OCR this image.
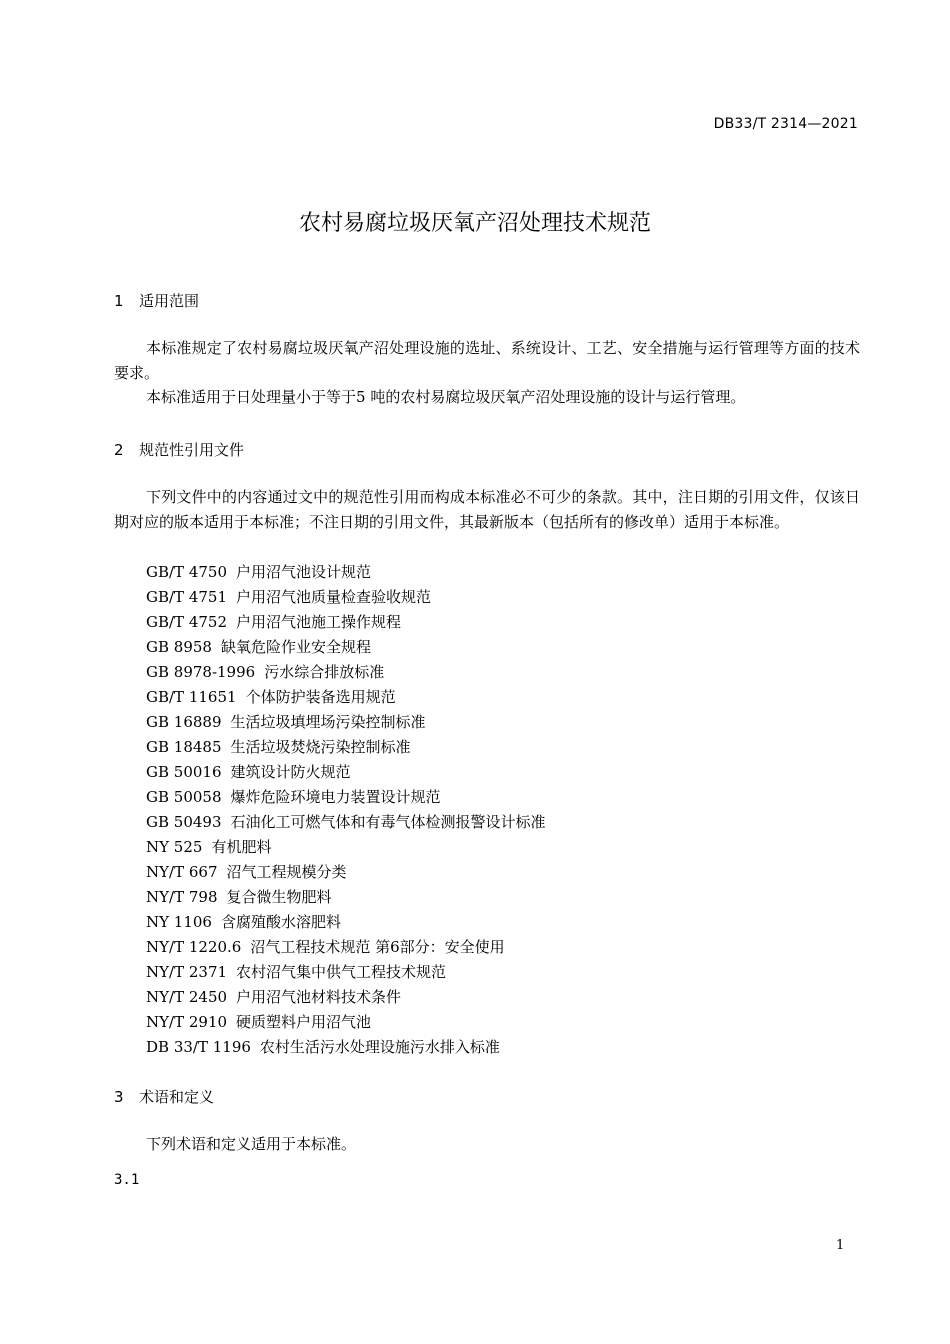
DB33/T 2314—2021
农村易腐垃圾厌氧产沼处理技术规范
1 适用范围

本标准规定了农村易腐垃圾厌氧产沼处理设施的选址、系统设计、工艺、安全措施与运行管理等方面的技术要求。

本标准适用于日处理量小于等于5 吨的农村易腐垃圾厌氧产沼处理设施的设计与运行管理。

2 规范性引用文件

下列文件中的内容通过文中的规范性引用而构成本标准必不可少的条款。其中，注日期的引用文件，仅该日期对应的版本适用于本标准；不注日期的引用文件，其最新版本（包括所有的修改单）适用于本标准。

GB/T 4750 户用沼气池设计规范
GB/T 4751 户用沼气池质量检查验收规范
GB/T 4752 户用沼气池施工操作规程
GB 8958 缺氧危险作业安全规程
GB 8978-1996 污水综合排放标准
GB/T 11651 个体防护装备选用规范
GB 16889 生活垃圾填埋场污染控制标准
GB 18485 生活垃圾焚烧污染控制标准
GB 50016 建筑设计防火规范
GB 50058 爆炸危险环境电力装置设计规范
GB 50493 石油化工可燃气体和有毒气体检测报警设计标准
NY 525 有机肥料
NY/T 667 沼气工程规模分类
NY/T 798 复合微生物肥料
NY 1106 含腐殖酸水溶肥料
NY/T 1220.6 沼气工程技术规范 第6部分：安全使用
NY/T 2371 农村沼气集中供气工程技术规范
NY/T 2450 户用沼气池材料技术条件
NY/T 2910 硬质塑料户用沼气池
DB 33/T 1196 农村生活污水处理设施污水排入标准
3 术语和定义

下列术语和定义适用于本标准。

3.1
1
